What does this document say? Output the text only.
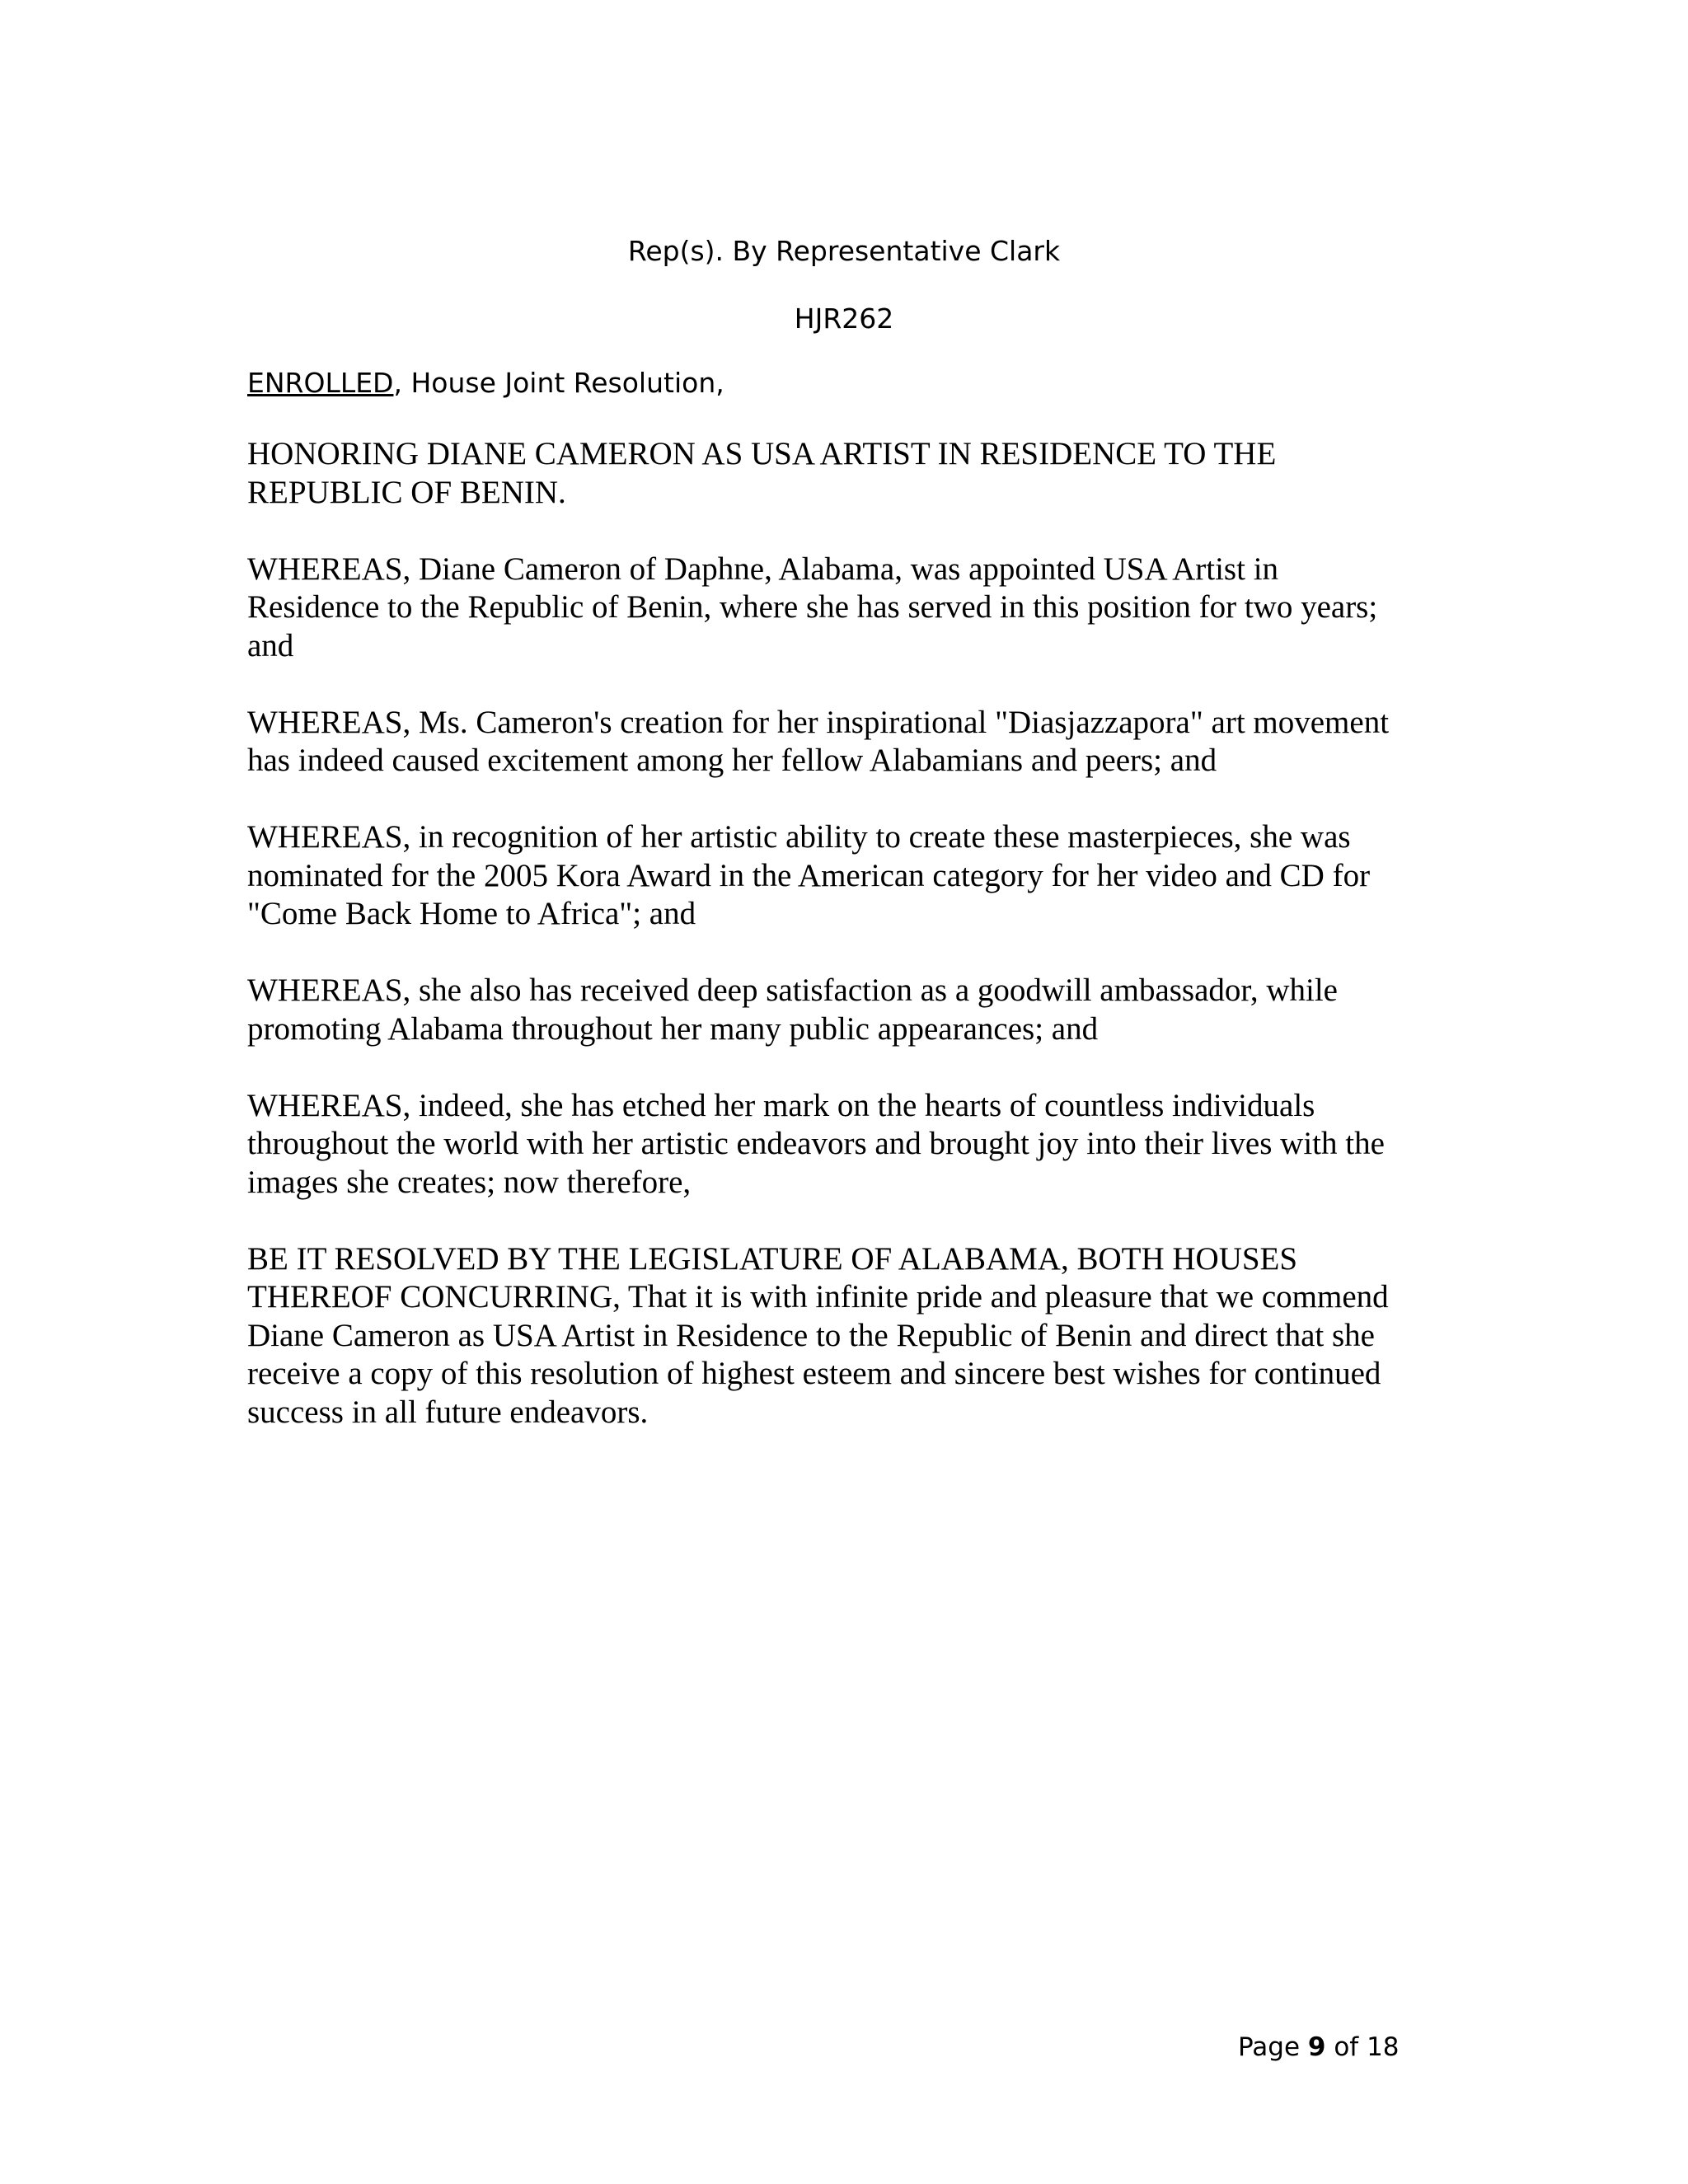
Rep(s). By Representative Clark
HJR262
ENROLLED, House Joint Resolution,

HONORING DIANE CAMERON AS USA ARTIST IN RESIDENCE TO THE
REPUBLIC OF BENIN.

WHEREAS, Diane Cameron of Daphne, Alabama, was appointed USA Artist in
Residence to the Republic of Benin, where she has served in this position for two years;
and

WHEREAS, Ms. Cameron's creation for her inspirational "Diasjazzapora" art movement
has indeed caused excitement among her fellow Alabamians and peers; and

WHEREAS, in recognition of her artistic ability to create these masterpieces, she was
nominated for the 2005 Kora Award in the American category for her video and CD for
"Come Back Home to Africa"; and

WHEREAS, she also has received deep satisfaction as a goodwill ambassador, while
promoting Alabama throughout her many public appearances; and

WHEREAS, indeed, she has etched her mark on the hearts of countless individuals
throughout the world with her artistic endeavors and brought joy into their lives with the
images she creates; now therefore,

BE IT RESOLVED BY THE LEGISLATURE OF ALABAMA, BOTH HOUSES
THEREOF CONCURRING, That it is with infinite pride and pleasure that we commend
Diane Cameron as USA Artist in Residence to the Republic of Benin and direct that she
receive a copy of this resolution of highest esteem and sincere best wishes for continued
success in all future endeavors.

Page 9 of 18
